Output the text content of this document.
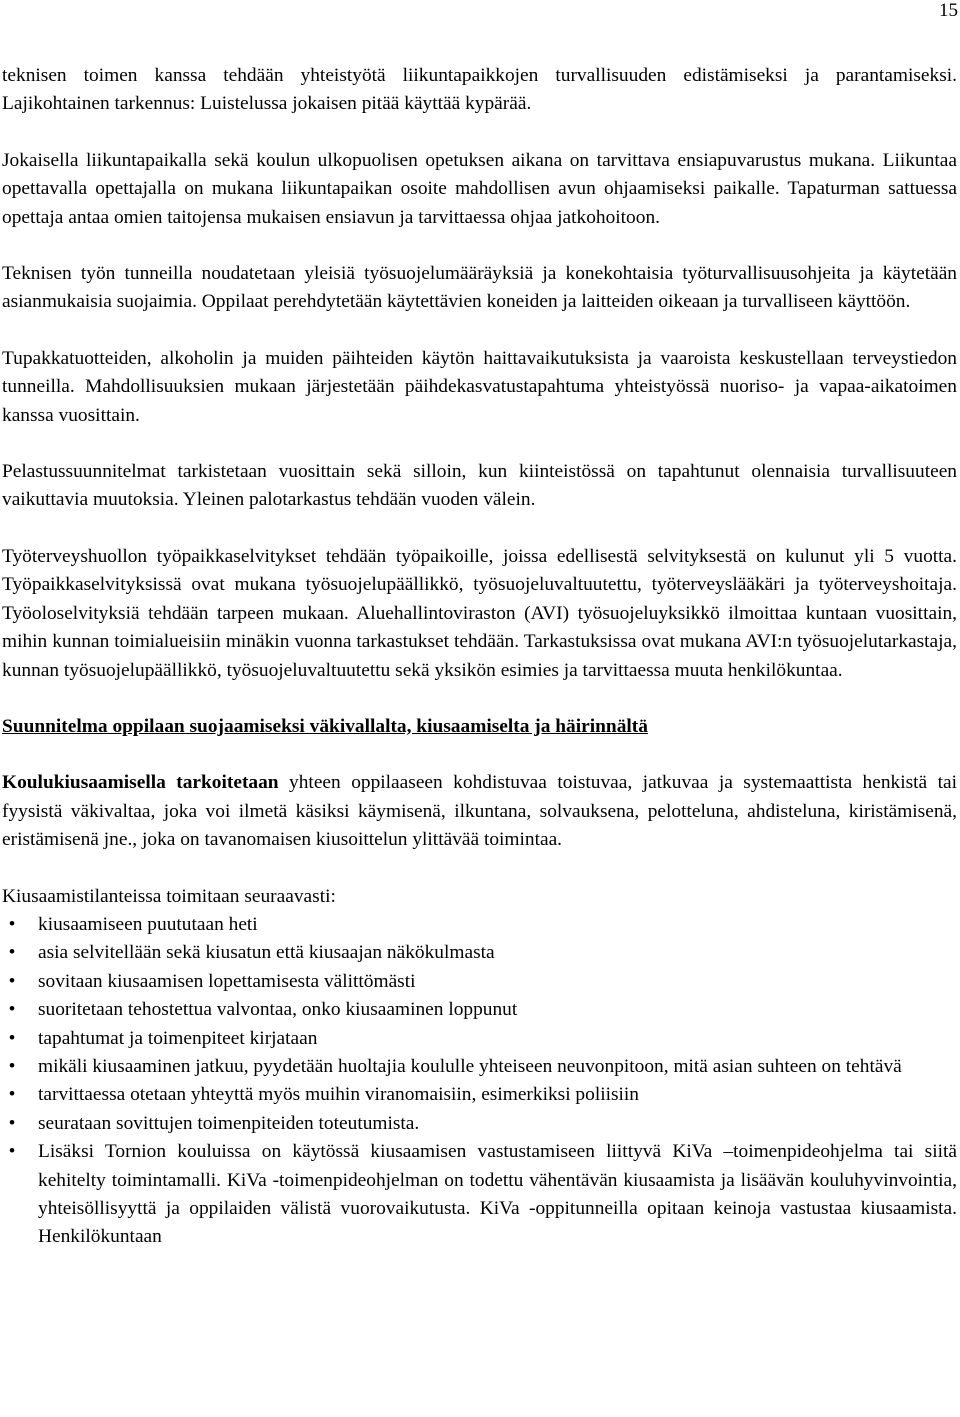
15

teknisen toimen kanssa tehdään yhteistyötä liikuntapaikkojen turvallisuuden edistämiseksi ja parantamiseksi. Lajikohtainen tarkennus: Luistelussa jokaisen pitää käyttää kypärää.

Jokaisella liikuntapaikalla sekä koulun ulkopuolisen opetuksen aikana on tarvittava ensiapuvarustus mukana. Liikuntaa opettavalla opettajalla on mukana liikuntapaikan osoite mahdollisen avun ohjaamiseksi paikalle. Tapaturman sattuessa opettaja antaa omien taitojensa mukaisen ensiavun ja tarvittaessa ohjaa jatkohoitoon.

Teknisen työn tunneilla noudatetaan yleisiä työsuojelumääräyksiä ja konekohtaisia työturvallisuusohjeita ja käytetään asianmukaisia suojaimia. Oppilaat perehdytetään käytettävien koneiden ja laitteiden oikeaan ja turvalliseen käyttöön.

Tupakkatuotteiden, alkoholin ja muiden päihteiden käytön haittavaikutuksista ja vaaroista keskustellaan terveystiedon tunneilla. Mahdollisuuksien mukaan järjestetään päihdekasvatustapahtuma yhteistyössä nuoriso- ja vapaa-aikatoimen kanssa vuosittain.

Pelastussuunnitelmat tarkistetaan vuosittain sekä silloin, kun kiinteistössä on tapahtunut olennaisia turvallisuuteen vaikuttavia muutoksia. Yleinen palotarkastus tehdään vuoden välein.

Työterveyshuollon työpaikkaselvitykset tehdään työpaikoille, joissa edellisestä selvityksestä on kulunut yli 5 vuotta. Työpaikkaselvityksissä ovat mukana työsuojelupäällikkö, työsuojeluvaltuutettu, työterveyslääkäri ja työterveyshoitaja. Työoloselvityksiä tehdään tarpeen mukaan. Aluehallintoviraston (AVI) työsuojeluyksikkö ilmoittaa kuntaan vuosittain, mihin kunnan toimialueisiin minäkin vuonna tarkastukset tehdään. Tarkastuksissa ovat mukana AVI:n työsuojelutarkastaja, kunnan työsuojelupäällikkö, työsuojeluvaltuutettu sekä yksikön esimies ja tarvittaessa muuta henkilökuntaa.

Suunnitelma oppilaan suojaamiseksi väkivallalta, kiusaamiselta ja häirinnältä

Koulukiusaamisella tarkoitetaan yhteen oppilaaseen kohdistuvaa toistuvaa, jatkuvaa ja systemaattista henkistä tai fyysistä väkivaltaa, joka voi ilmetä käsiksi käymisenä, ilkuntana, solvauksena, pelotteluna, ahdisteluna, kiristämisenä, eristämisenä jne., joka on tavanomaisen kiusoittelun ylittävää toimintaa.

Kiusaamistilanteissa toimitaan seuraavasti:

•	kiusaamiseen puututaan heti
•	asia selvitellään sekä kiusatun että kiusaajan näkökulmasta
•	sovitaan kiusaamisen lopettamisesta välittömästi
•	suoritetaan tehostettua valvontaa, onko kiusaaminen loppunut
•	tapahtumat ja toimenpiteet kirjataan
•	mikäli kiusaaminen jatkuu, pyydetään huoltajia koululle yhteiseen neuvonpitoon, mitä asian suhteen on tehtävä
•	tarvittaessa otetaan yhteyttä myös muihin viranomaisiin, esimerkiksi poliisiin
•	seurataan sovittujen toimenpiteiden toteutumista.
•	Lisäksi Tornion kouluissa on käytössä kiusaamisen vastustamiseen liittyvä KiVa –toimenpideohjelma tai siitä kehitelty toimintamalli. KiVa -toimenpideohjelman on todettu vähentävän kiusaamista ja lisäävän kouluhyvinvointia, yhteisöllisyyttä ja oppilaiden välistä vuorovaikutusta. KiVa -oppitunneilla opitaan keinoja vastustaa kiusaamista. Henkilökuntaan
